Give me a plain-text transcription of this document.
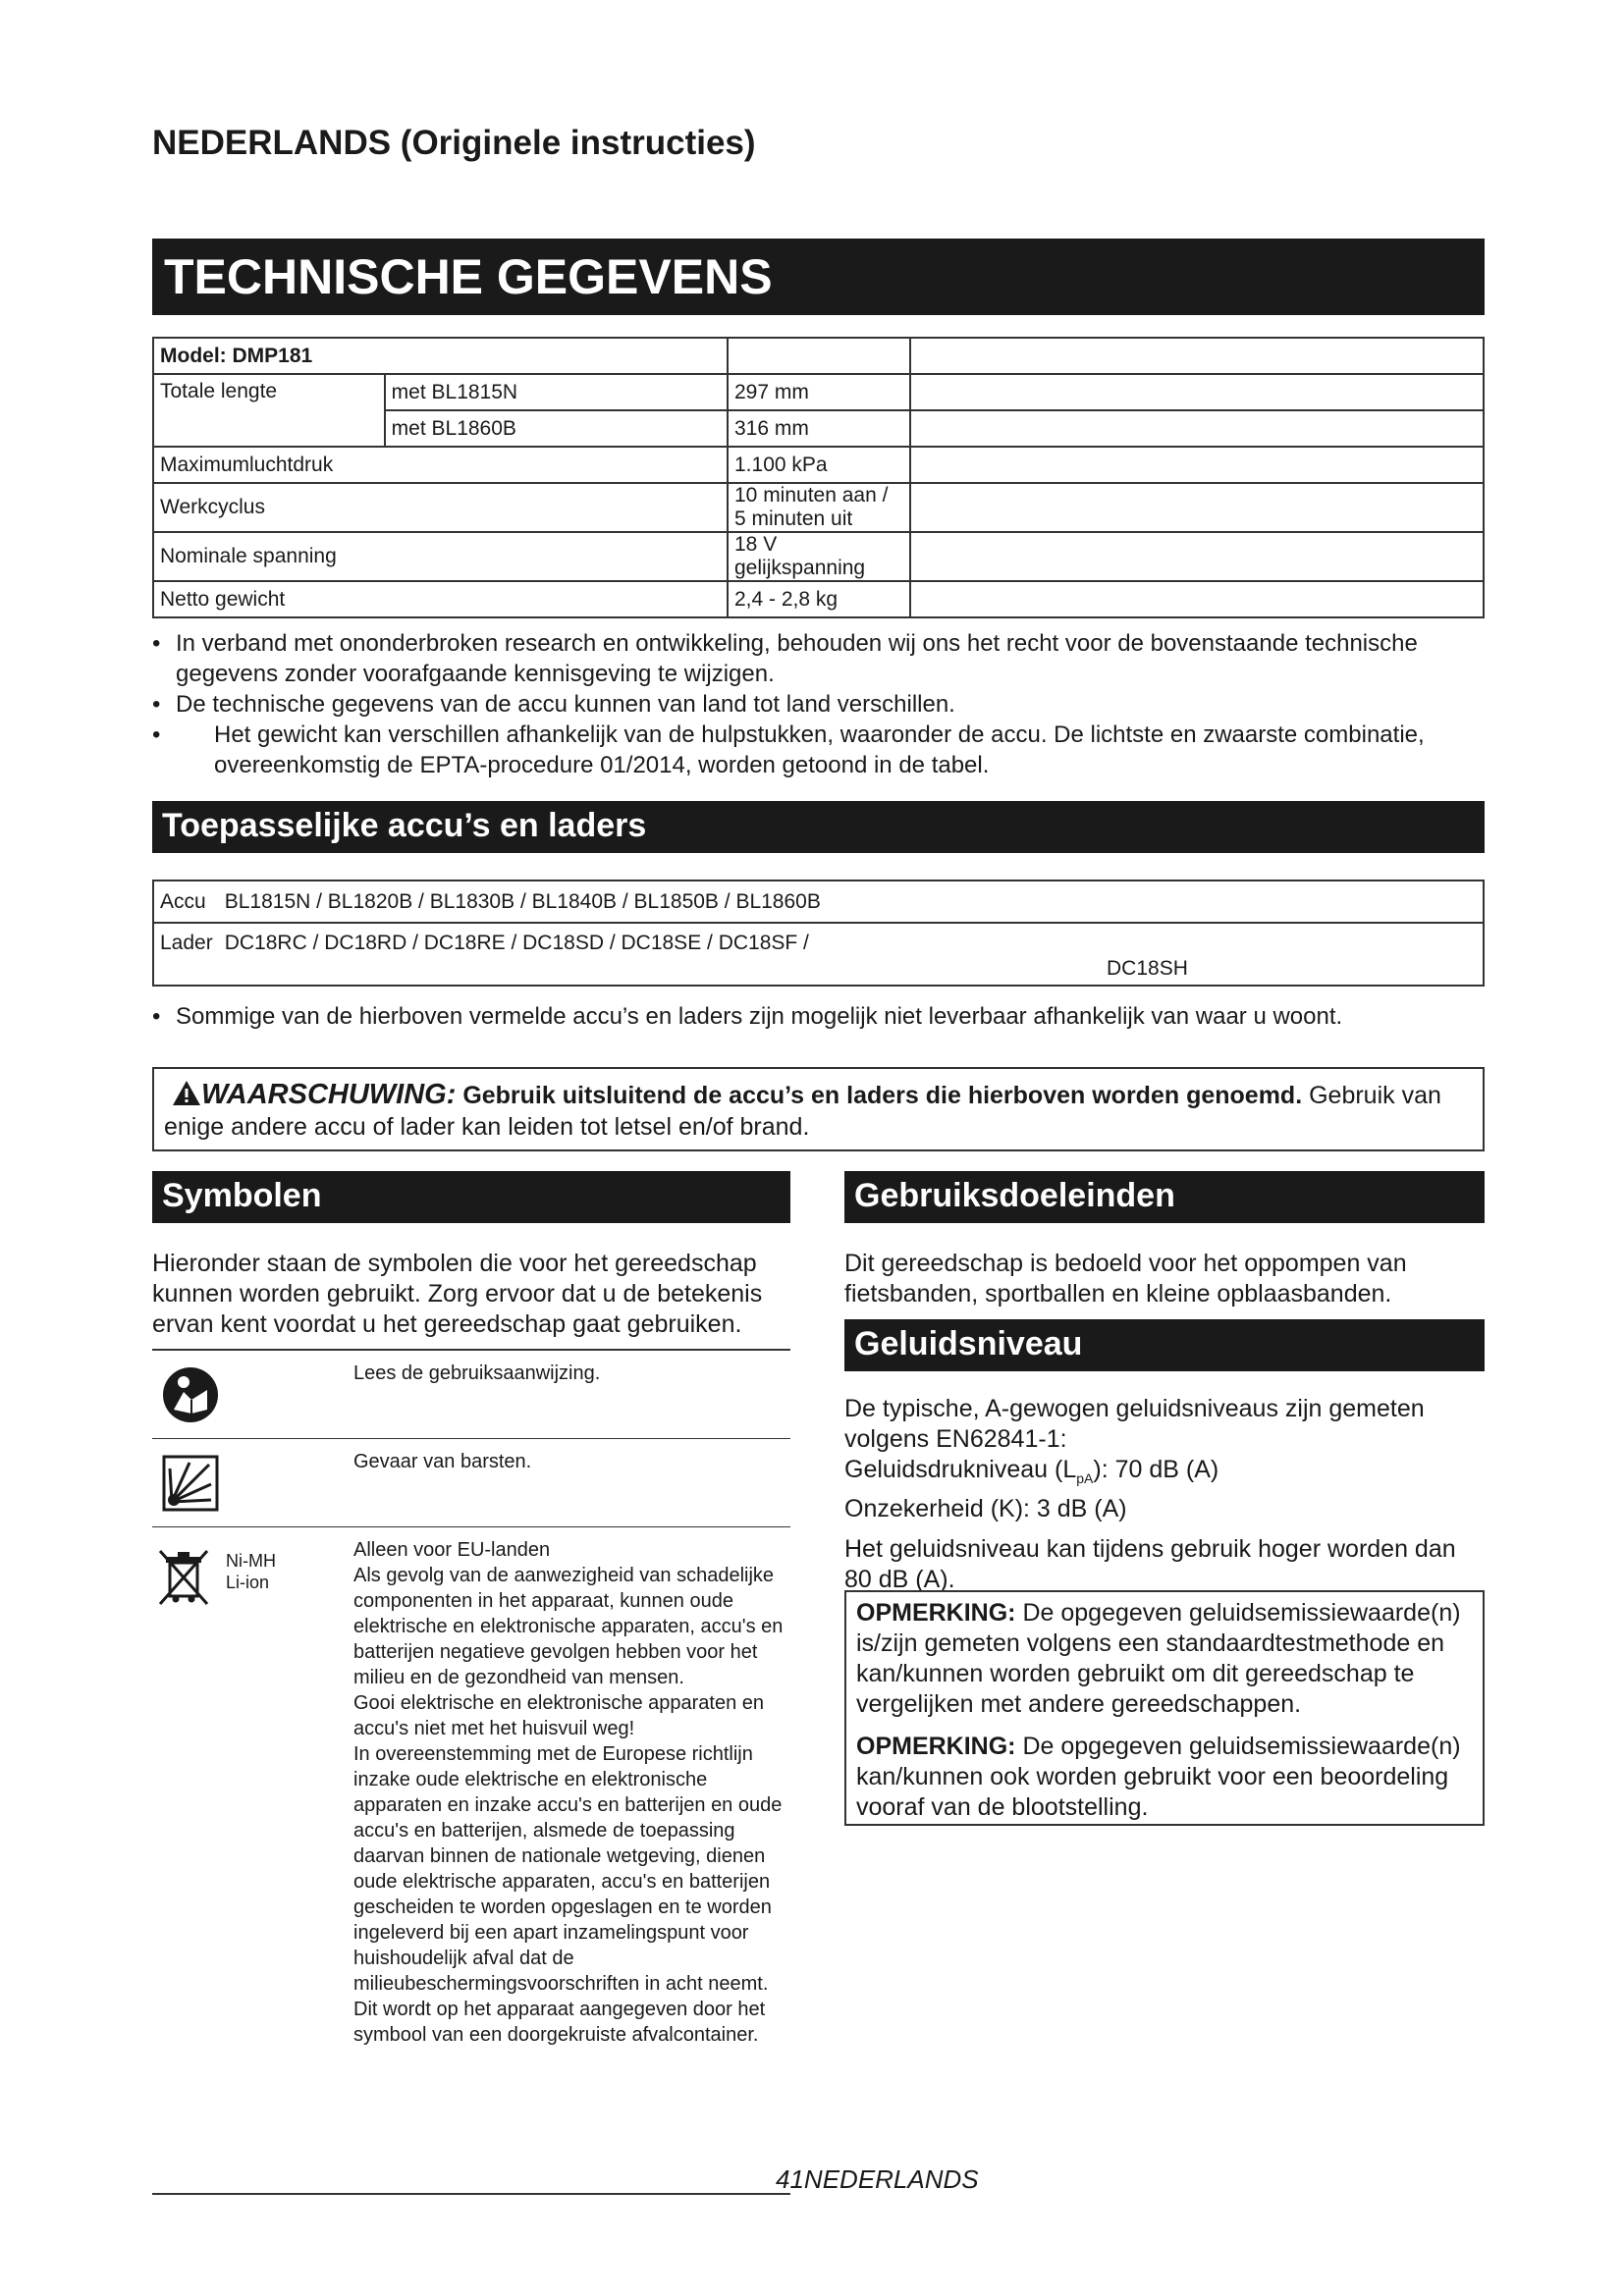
NEDERLANDS (Originele instructies)
TECHNISCHE GEGEVENS
Model: DMP181			
Totale lengte	met BL1815N	297 mm	
	met BL1860B	316 mm	
Maximumluchtdruk		1.100 kPa	
Werkcyclus		10 minuten aan / 5 minuten uit	
Nominale spanning		18 V gelijkspanning	
Netto gewicht		2,4 - 2,8 kg	
• In verband met ononderbroken research en ontwikkeling, behouden wij ons het recht voor de bovenstaande technische gegevens zonder voorafgaande kennisgeving te wijzigen.
• De technische gegevens van de accu kunnen van land tot land verschillen.
• Het gewicht kan verschillen afhankelijk van de hulpstukken, waaronder de accu. De lichtste en zwaarste combinatie, overeenkomstig de EPTA-procedure 01/2014, worden getoond in de tabel.
Toepasselijke accu’s en laders
Accu	BL1815N / BL1820B / BL1830B / BL1840B / BL1850B / BL1860B	
Lader	DC18RC / DC18RD / DC18RE / DC18SD / DC18SE / DC18SF /	DC18SH
• Sommige van de hierboven vermelde accu’s en laders zijn mogelijk niet leverbaar afhankelijk van waar u woont.
WAARSCHUWING: Gebruik uitsluitend de accu’s en laders die hierboven worden genoemd. Gebruik van enige andere accu of lader kan leiden tot letsel en/of brand.
Symbolen

Hieronder staan de symbolen die voor het gereedschap kunnen worden gebruikt. Zorg ervoor dat u de betekenis ervan kent voordat u het gereedschap gaat gebruiken.

Lees de gebruiksaanwijzing.
Gevaar van barsten.
Ni-MH
Li-ion
Alleen voor EU-landen
Als gevolg van de aanwezigheid van schadelijke componenten in het apparaat, kunnen oude elektrische en elektronische apparaten, accu's en batterijen negatieve gevolgen hebben voor het milieu en de gezondheid van mensen.
Gooi elektrische en elektronische apparaten en accu's niet met het huisvuil weg!
In overeenstemming met de Europese richtlijn inzake oude elektrische en elektronische apparaten en inzake accu's en batterijen en oude accu's en batterijen, alsmede de toepassing daarvan binnen de nationale wetgeving, dienen oude elektrische apparaten, accu's en batterijen gescheiden te worden opgeslagen en te worden ingeleverd bij een apart inzamelingspunt voor huishoudelijk afval dat de milieubeschermingsvoorschriften in acht neemt.
Dit wordt op het apparaat aangegeven door het symbool van een doorgekruiste afvalcontainer.
Gebruiksdoeleinden

Dit gereedschap is bedoeld voor het oppompen van fietsbanden, sportballen en kleine opblaasbanden.

Geluidsniveau
De typische, A-gewogen geluidsniveaus zijn gemeten volgens EN62841-1:
Geluidsdrukniveau $(L_{pA})$: 70 dB (A)
Onzekerheid (K): 3 dB (A)
Het geluidsniveau kan tijdens gebruik hoger worden dan 80 dB (A).

OPMERKING: De opgegeven geluidsemissiewaarde(n) is/zijn gemeten volgens een standaardtestmethode en kan/kunnen worden gebruikt om dit gereedschap te vergelijken met andere gereedschappen.

OPMERKING: De opgegeven geluidsemissiewaarde(n) kan/kunnen ook worden gebruikt voor een beoordeling vooraf van de blootstelling.

41NEDERLANDS
